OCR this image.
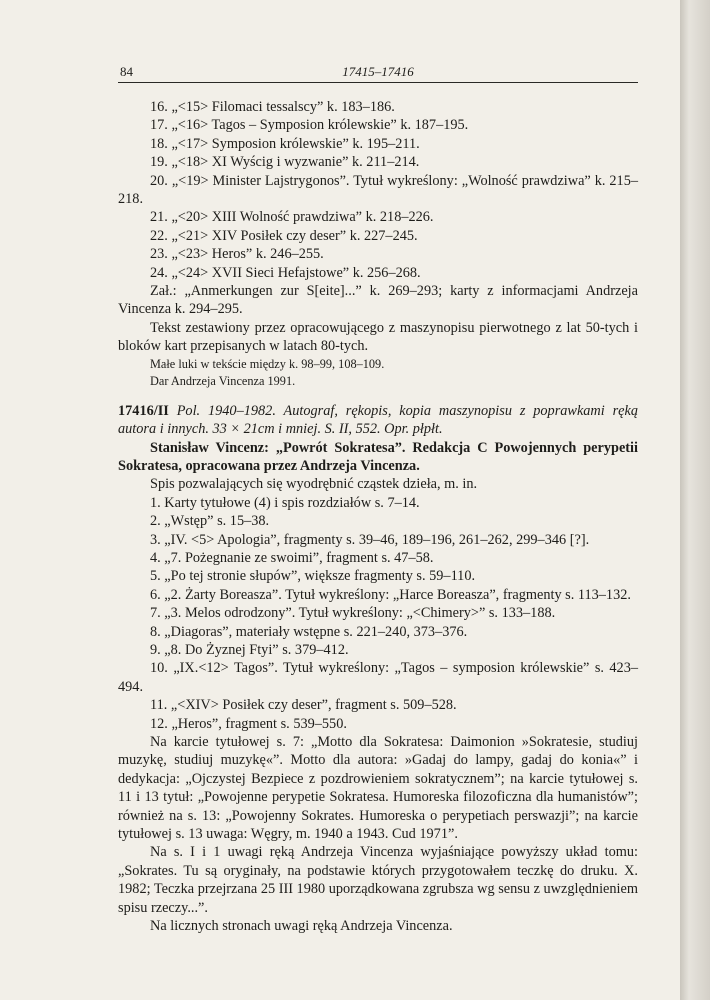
84	17415–17416

16. „<15> Filomaci tessalscy” k. 183–186.

17. „<16> Tagos – Symposion królewskie” k. 187–195.

18. „<17> Symposion królewskie” k. 195–211.

19. „<18> XI Wyścig i wyzwanie” k. 211–214.

20. „<19> Minister Lajstrygonos”. Tytuł wykreślony: „Wolność prawdziwa” k. 215–218.

21. „<20> XIII Wolność prawdziwa” k. 218–226.

22. „<21> XIV Posiłek czy deser” k. 227–245.

23. „<23> Heros” k. 246–255.

24. „<24> XVII Sieci Hefajstowe” k. 256–268.

Zał.: „Anmerkungen zur S[eite]...” k. 269–293; karty z informacjami Andrzeja Vincenza k. 294–295.

Tekst zestawiony przez opracowującego z maszynopisu pierwotnego z lat 50-tych i bloków kart przepisanych w latach 80-tych.

Małe luki w tekście między k. 98–99, 108–109.

Dar Andrzeja Vincenza 1991.

17416/II Pol. 1940–1982. Autograf, rękopis, kopia maszynopisu z poprawkami ręką autora i innych. 33 × 21cm i mniej. S. II, 552. Opr. płpłt.

Stanisław Vincenz: „Powrót Sokratesa”. Redakcja C Powojennych perypetii Sokratesa, opracowana przez Andrzeja Vincenza.

Spis pozwalających się wyodrębnić cząstek dzieła, m. in.

1. Karty tytułowe (4) i spis rozdziałów s. 7–14.

2. „Wstęp” s. 15–38.

3. „IV. <5> Apologia”, fragmenty s. 39–46, 189–196, 261–262, 299–346 [?].

4. „7. Pożegnanie ze swoimi”, fragment s. 47–58.

5. „Po tej stronie słupów”, większe fragmenty s. 59–110.

6. „2. Żarty Boreasza”. Tytuł wykreślony: „Harce Boreasza”, fragmenty s. 113–132.

7. „3. Melos odrodzony”. Tytuł wykreślony: „<Chimery>” s. 133–188.

8. „Diagoras”, materiały wstępne s. 221–240, 373–376.

9. „8. Do Żyznej Ftyi” s. 379–412.

10. „IX.<12> Tagos”. Tytuł wykreślony: „Tagos – symposion królewskie” s. 423–494.

11. „<XIV> Posiłek czy deser”, fragment s. 509–528.

12. „Heros”, fragment s. 539–550.

Na karcie tytułowej s. 7: „Motto dla Sokratesa: Daimonion »Sokratesie, studiuj muzykę, studiuj muzykę«”. Motto dla autora: »Gadaj do lampy, gadaj do konia«” i dedykacja: „Ojczystej Bezpiece z pozdrowieniem sokratycznem”; na karcie tytułowej s. 11 i 13 tytuł: „Powojenne perypetie Sokratesa. Humoreska filozoficzna dla humanistów”; również na s. 13: „Powojenny Sokrates. Humoreska o perypetiach perswazji”; na karcie tytułowej s. 13 uwaga: Węgry, m. 1940 a 1943. Cud 1971”.

Na s. I i 1 uwagi ręką Andrzeja Vincenza wyjaśniające powyższy układ tomu: „Sokrates. Tu są oryginały, na podstawie których przygotowałem teczkę do druku. X. 1982; Teczka przejrzana 25 III 1980 uporządkowana zgrubsza wg sensu z uwzględnieniem spisu rzeczy...”.

Na licznych stronach uwagi ręką Andrzeja Vincenza.
